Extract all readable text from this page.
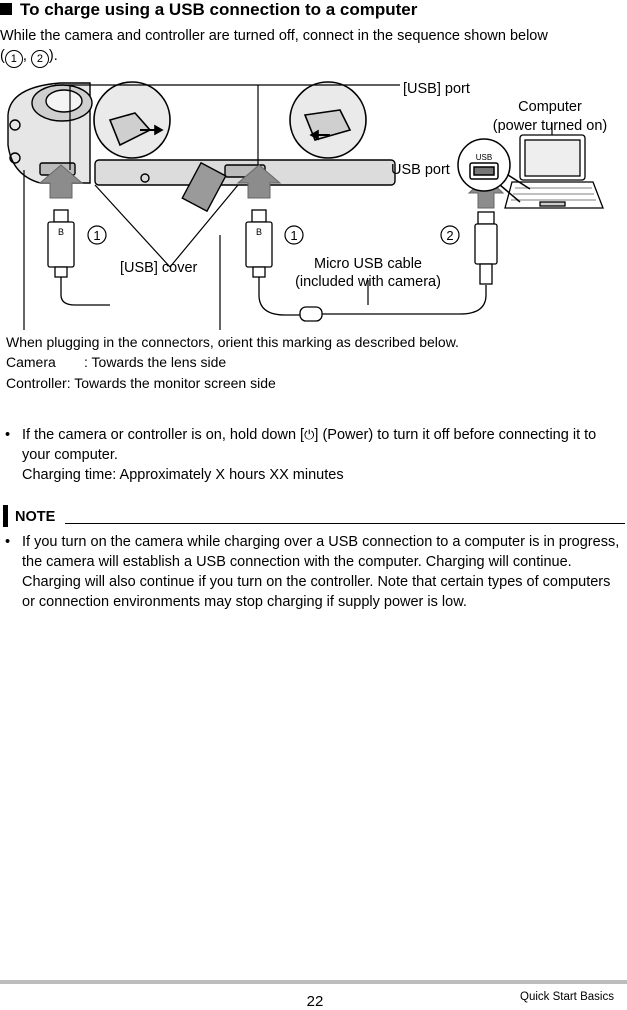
To charge using a USB connection to a computer
While the camera and controller are turned off, connect in the sequence shown below
( 1 , 2 ).
USB
1	1	2
B	B
[USB] port
Computer
(power turned on)
USB port
[USB] cover	Micro USB cable
(included with camera)
When plugging in the connectors, orient this marking as described below.
Camera : Towards the lens side
Controller: Towards the monitor screen side
• If the camera or controller is on, hold down [⏻] (Power) to turn it off before connecting it to your computer.
Charging time: Approximately X hours XX minutes
NOTE
• If you turn on the camera while charging over a USB connection to a computer is in progress, the camera will establish a USB connection with the computer. Charging will continue. Charging will also continue if you turn on the controller. Note that certain types of computers or connection environments may stop charging if supply power is low.
22	Quick Start Basics
